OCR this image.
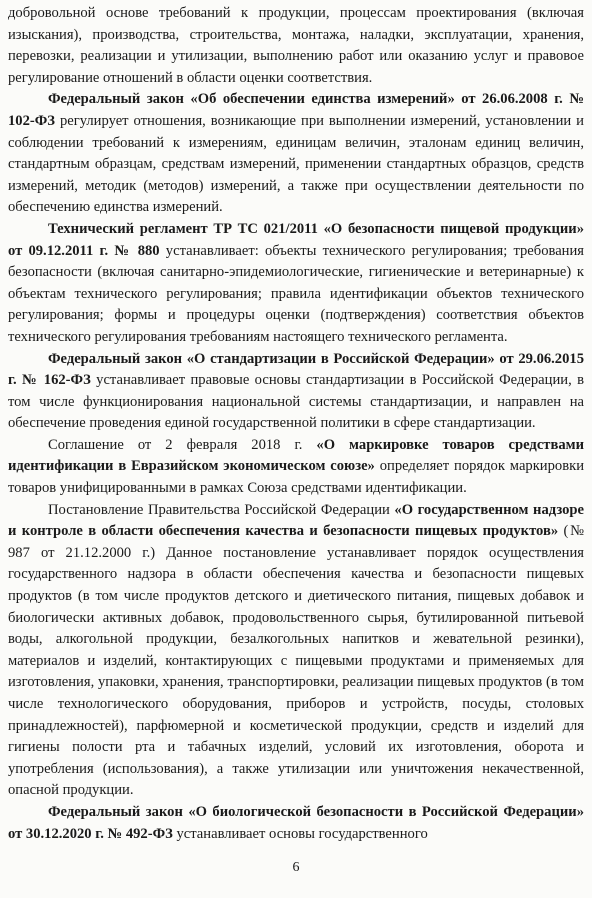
добровольной основе требований к продукции, процессам проектирования (включая изыскания), производства, строительства, монтажа, наладки, эксплуатации, хранения, перевозки, реализации и утилизации, выполнению работ или оказанию услуг и правовое регулирование отношений в области оценки соответствия.

Федеральный закон «Об обеспечении единства измерений» от 26.06.2008 г. № 102-ФЗ регулирует отношения, возникающие при выполнении измерений, установлении и соблюдении требований к измерениям, единицам величин, эталонам единиц величин, стандартным образцам, средствам измерений, применении стандартных образцов, средств измерений, методик (методов) измерений, а также при осуществлении деятельности по обеспечению единства измерений.

Технический регламент ТР ТС 021/2011 «О безопасности пищевой продукции» от 09.12.2011 г. № 880 устанавливает: объекты технического регулирования; требования безопасности (включая санитарно-эпидемиологические, гигиенические и ветеринарные) к объектам технического регулирования; правила идентификации объектов технического регулирования; формы и процедуры оценки (подтверждения) соответствия объектов технического регулирования требованиям настоящего технического регламента.

Федеральный закон «О стандартизации в Российской Федерации» от 29.06.2015 г. № 162-ФЗ устанавливает правовые основы стандартизации в Российской Федерации, в том числе функционирования национальной системы стандартизации, и направлен на обеспечение проведения единой государственной политики в сфере стандартизации.

Соглашение от 2 февраля 2018 г. «О маркировке товаров средствами идентификации в Евразийском экономическом союзе» определяет порядок маркировки товаров унифицированными в рамках Союза средствами идентификации.

Постановление Правительства Российской Федерации «О государственном надзоре и контроле в области обеспечения качества и безопасности пищевых продуктов» (№ 987 от 21.12.2000 г.) Данное постановление устанавливает порядок осуществления государственного надзора в области обеспечения качества и безопасности пищевых продуктов (в том числе продуктов детского и диетического питания, пищевых добавок и биологически активных добавок, продовольственного сырья, бутилированной питьевой воды, алкогольной продукции, безалкогольных напитков и жевательной резинки), материалов и изделий, контактирующих с пищевыми продуктами и применяемых для изготовления, упаковки, хранения, транспортировки, реализации пищевых продуктов (в том числе технологического оборудования, приборов и устройств, посуды, столовых принадлежностей), парфюмерной и косметической продукции, средств и изделий для гигиены полости рта и табачных изделий, условий их изготовления, оборота и употребления (использования), а также утилизации или уничтожения некачественной, опасной продукции.

Федеральный закон «О биологической безопасности в Российской Федерации» от 30.12.2020 г. № 492-ФЗ устанавливает основы государственного

6
